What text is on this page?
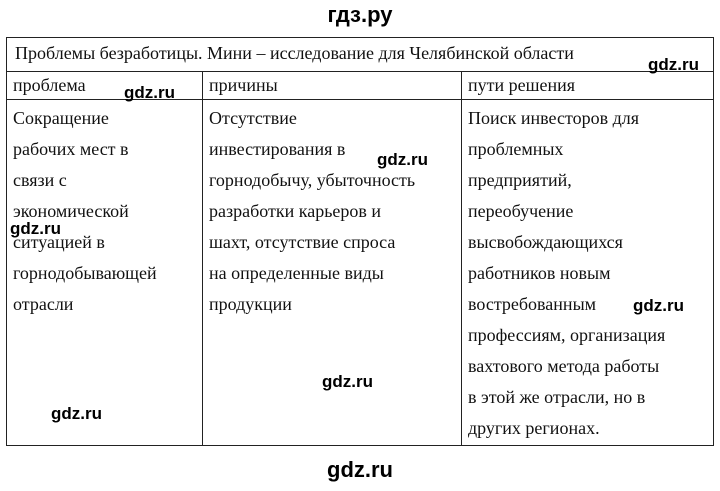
гдз.ру
Проблемы безработицы. Мини – исследование для Челябинской области
проблема	причины	пути решения
Сокращение
рабочих мест в
связи с
экономической
ситуацией в
горнодобывающей
отрасли
Отсутствие
инвестирования в
горнодобычу, убыточность
разработки карьеров и
шахт, отсутствие спроса
на определенные виды
продукции
Поиск инвесторов для
проблемных
предприятий,
переобучение
высвобождающихся
работников новым
востребованным
профессиям, организация
вахтового метода работы
в этой же отрасли, но в
других регионах.
gdz.ru
gdz.ru
gdz.ru
gdz.ru
gdz.ru
gdz.ru
gdz.ru
gdz.ru
